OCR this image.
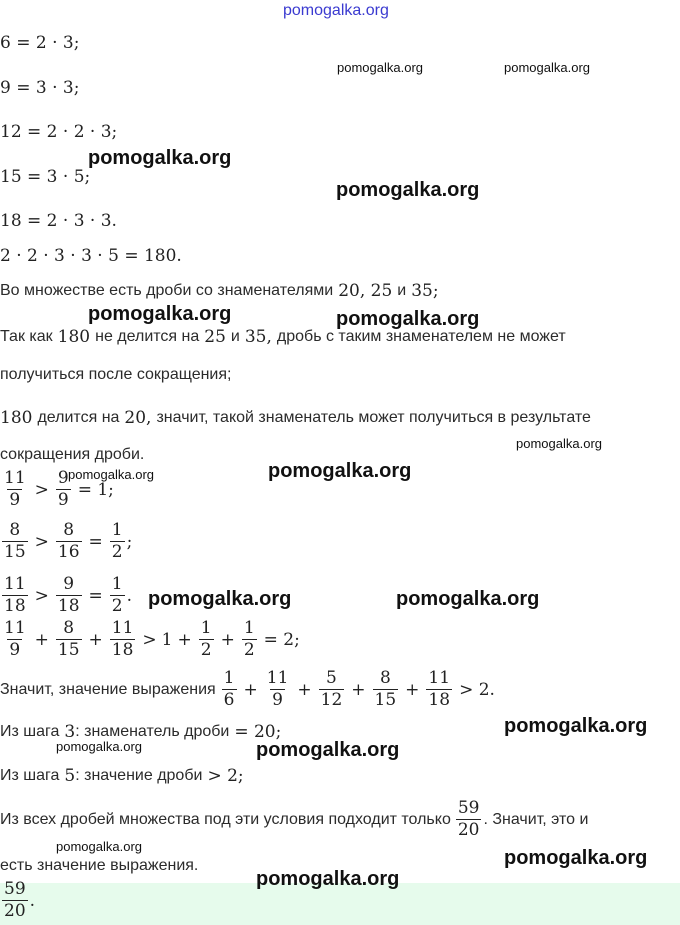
pomogalka.org
6 = 2 · 3;
9 = 3 · 3;
12 = 2 · 2 · 3;
15 = 3 · 5;
18 = 2 · 3 · 3.
2 · 2 · 3 · 3 · 5 = 180.
Во множестве есть дроби со знаменателями 20, 25 и 35;
Так как 180 не делится на 25 и 35, дробь с таким знаменателем не может
получиться после сокращения;
180 делится на 20, значит, такой знаменатель может получиться в результате
сокращения дроби.
$\frac{11}{9} > \frac{9}{9} = 1$;
$\frac{8}{15} > \frac{8}{16} = \frac{1}{2}$ ;
$\frac{11}{18} > \frac{9}{18} = \frac{1}{2}$ .
$\frac{11}{9} + \frac{8}{15} + \frac{11}{18} > 1 + \frac{1}{2} + \frac{1}{2} = 2$;
Значит, значение выражения $\frac{1}{6} + \frac{11}{9} + \frac{5}{12} + \frac{8}{15} + \frac{11}{18} > 2$.
Из шага 3 : знаменатель дроби = 20;
Из шага 5 : значение дроби > 2;
Из всех дробей множества под эти условия подходит только $\frac{59}{20}$ . Значит, это и
есть значение выражения.
$\frac{59}{20}$ .
pomogalka.org	pomogalka.org
pomogalka.org
pomogalka.org
pomogalka.org	pomogalka.org
pomogalka.org
pomogalka.org
pomogalka.org
pomogalka.org	pomogalka.org
pomogalka.org
pomogalka.org	pomogalka.org
pomogalka.org
pomogalka.org
pomogalka.org
